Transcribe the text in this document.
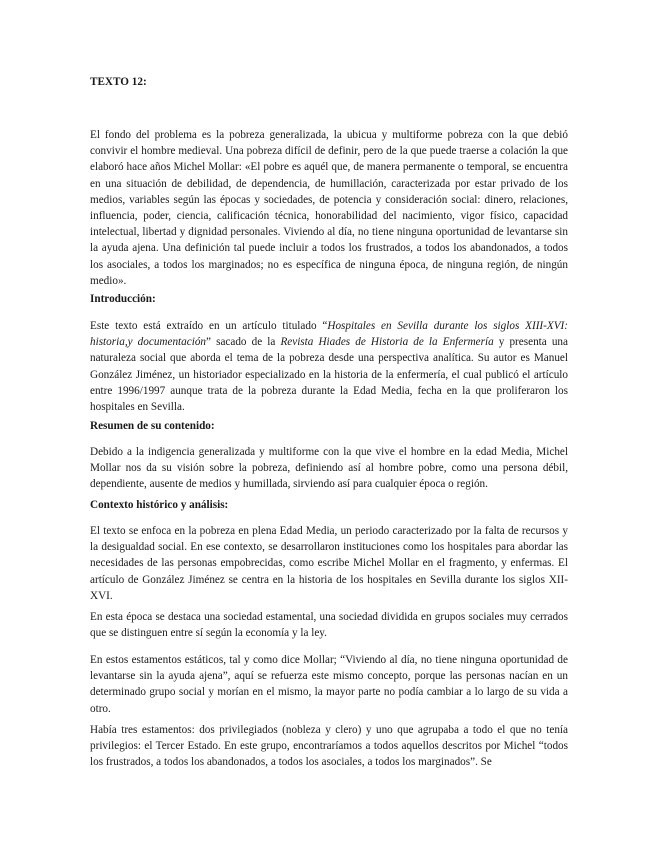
TEXTO 12:

El fondo del problema es la pobreza generalizada, la ubicua y multiforme pobreza con la que debió convivir el hombre medieval. Una pobreza difícil de definir, pero de la que puede traerse a colación la que elaboró hace años Michel Mollar: «El pobre es aquél que, de manera permanente o temporal, se encuentra en una situación de debilidad, de dependencia, de humillación, caracterizada por estar privado de los medios, variables según las épocas y sociedades, de potencia y consideración social: dinero, relaciones, influencia, poder, ciencia, calificación técnica, honorabilidad del nacimiento, vigor físico, capacidad intelectual, libertad y dignidad personales. Viviendo al día, no tiene ninguna oportunidad de levantarse sin la ayuda ajena. Una definición tal puede incluir a todos los frustrados, a todos los abandonados, a todos los asociales, a todos los marginados; no es específica de ninguna época, de ninguna región, de ningún medio».

Introducción:

Este texto está extraído en un artículo titulado “Hospitales en Sevilla durante los siglos XIII-XVI: historia,y documentación” sacado de la Revista Hiades de Historia de la Enfermería y presenta una naturaleza social que aborda el tema de la pobreza desde una perspectiva analítica. Su autor es Manuel González Jiménez, un historiador especializado en la historia de la enfermería, el cual publicó el artículo entre 1996/1997 aunque trata de la pobreza durante la Edad Media, fecha en la que proliferaron los hospitales en Sevilla.

Resumen de su contenido:

Debido a la indigencia generalizada y multiforme con la que vive el hombre en la edad Media, Michel Mollar nos da su visión sobre la pobreza, definiendo así al hombre pobre, como una persona débil, dependiente, ausente de medios y humillada, sirviendo así para cualquier época o región.

Contexto histórico y análisis:

El texto se enfoca en la pobreza en plena Edad Media, un periodo caracterizado por la falta de recursos y la desigualdad social. En ese contexto, se desarrollaron instituciones como los hospitales para abordar las necesidades de las personas empobrecidas, como escribe Michel Mollar en el fragmento, y enfermas. El artículo de González Jiménez se centra en la historia de los hospitales en Sevilla durante los siglos XII-XVI.

En esta época se destaca una sociedad estamental, una sociedad dividida en grupos sociales muy cerrados que se distinguen entre sí según la economía y la ley.

En estos estamentos estáticos, tal y como dice Mollar; “Viviendo al día, no tiene ninguna oportunidad de levantarse sin la ayuda ajena”, aquí se refuerza este mismo concepto, porque las personas nacían en un determinado grupo social y morían en el mismo, la mayor parte no podía cambiar a lo largo de su vida a otro.

Había tres estamentos: dos privilegiados (nobleza y clero) y uno que agrupaba a todo el que no tenía privilegios: el Tercer Estado. En este grupo, encontraríamos a todos aquellos descritos por Michel “todos los frustrados, a todos los abandonados, a todos los asociales, a todos los marginados”. Se
